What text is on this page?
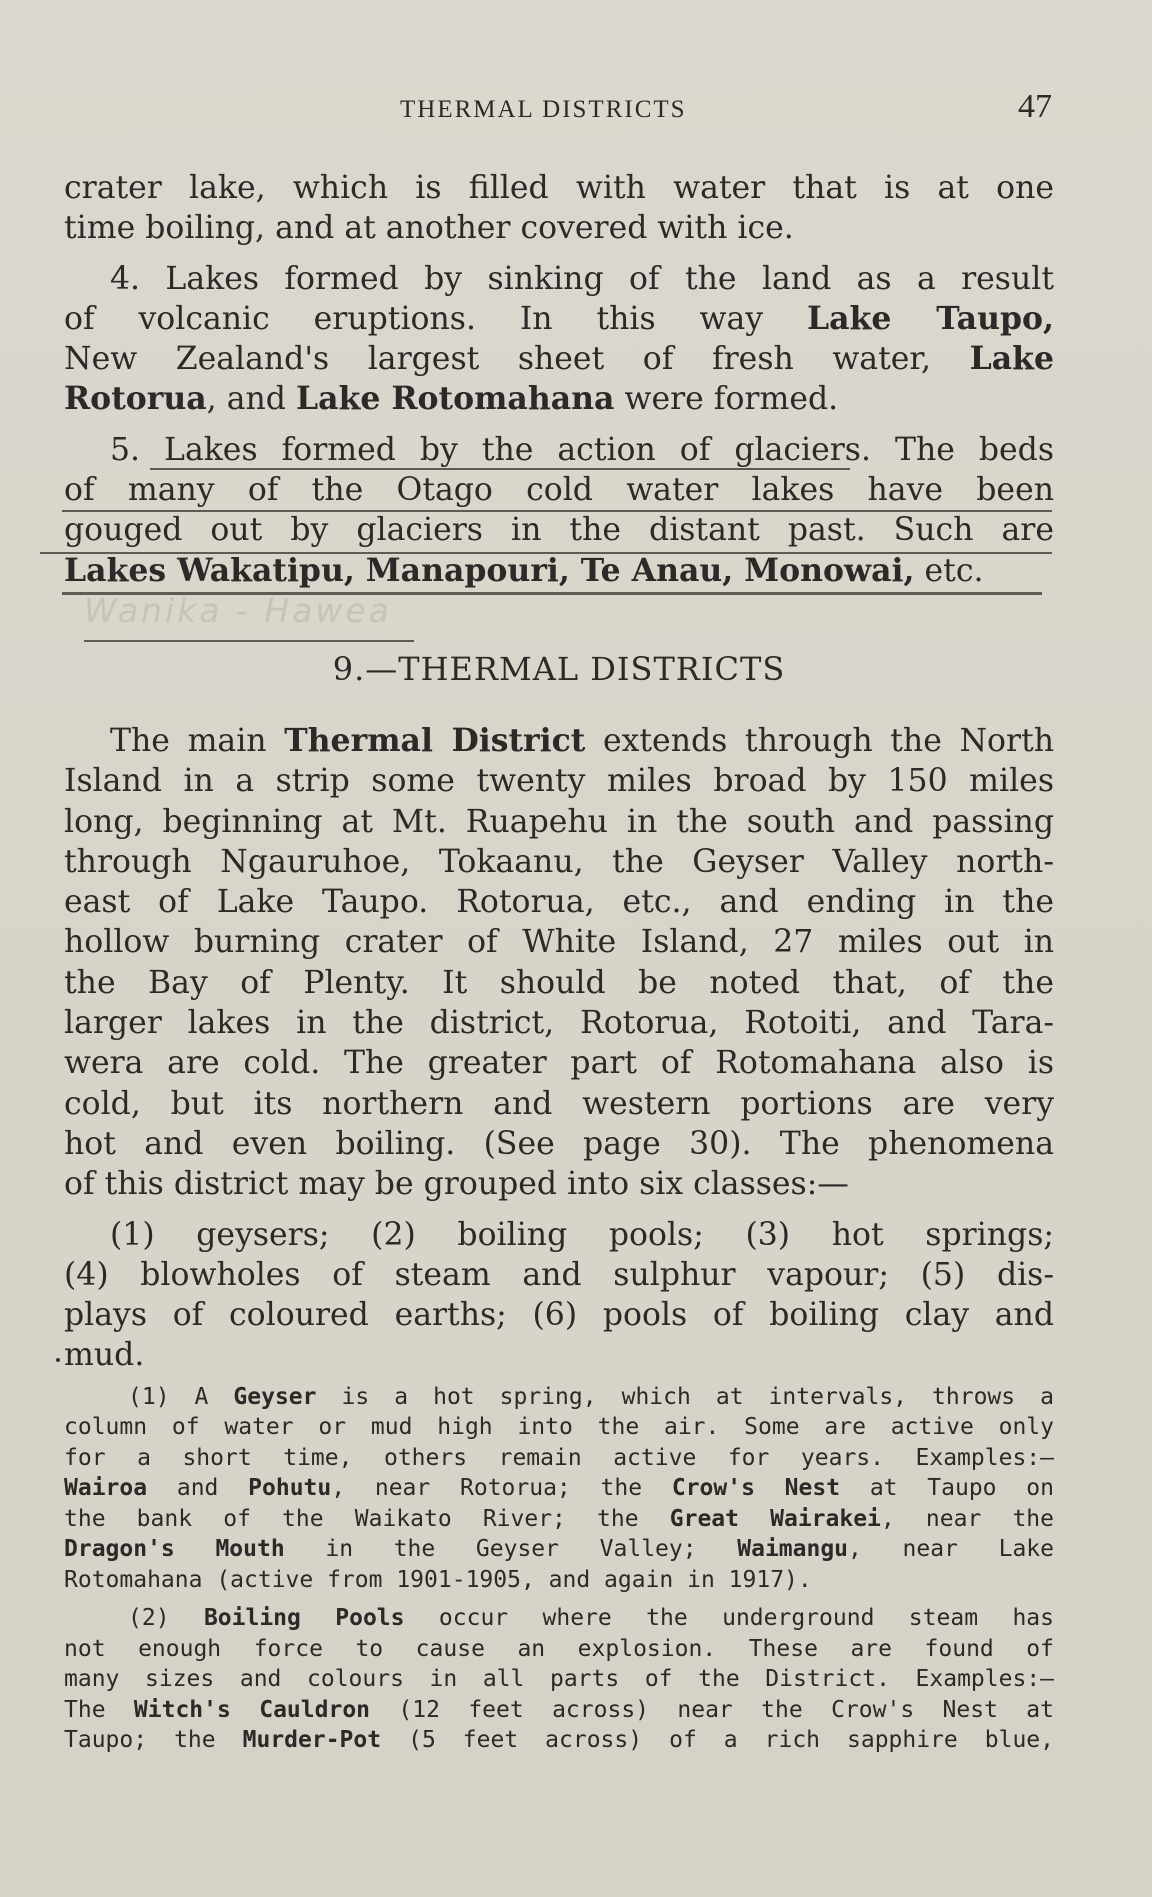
THERMAL DISTRICTS	47
crater lake, which is filled with water that is at one
time boiling, and at another covered with ice.
4. Lakes formed by sinking of the land as a result
of volcanic eruptions. In this way Lake Taupo,
New Zealand's largest sheet of fresh water, Lake
Rotorua, and Lake Rotomahana were formed.
5. Lakes formed by the action of glaciers. The beds
of many of the Otago cold water lakes have been
gouged out by glaciers in the distant past. Such are
Lakes Wakatipu, Manapouri, Te Anau, Monowai, etc.
Wanika - Hawea
9.—THERMAL DISTRICTS
The main Thermal District extends through the North
Island in a strip some twenty miles broad by 150 miles
long, beginning at Mt. Ruapehu in the south and passing
through Ngauruhoe, Tokaanu, the Geyser Valley north-
east of Lake Taupo. Rotorua, etc., and ending in the
hollow burning crater of White Island, 27 miles out in
the Bay of Plenty. It should be noted that, of the
larger lakes in the district, Rotorua, Rotoiti, and Tara-
wera are cold. The greater part of Rotomahana also is
cold, but its northern and western portions are very
hot and even boiling. (See page 30). The phenomena
of this district may be grouped into six classes:—
(1) geysers; (2) boiling pools; (3) hot springs;
(4) blowholes of steam and sulphur vapour; (5) dis-
plays of coloured earths; (6) pools of boiling clay and
mud.
(1) A Geyser is a hot spring, which at intervals, throws a
column of water or mud high into the air. Some are active only
for a short time, others remain active for years. Examples:—
Wairoa and Pohutu, near Rotorua; the Crow's Nest at Taupo on
the bank of the Waikato River; the Great Wairakei, near the
Dragon's Mouth in the Geyser Valley; Waimangu, near Lake
Rotomahana (active from 1901-1905, and again in 1917).
(2) Boiling Pools occur where the underground steam has
not enough force to cause an explosion. These are found of
many sizes and colours in all parts of the District. Examples:—
The Witch's Cauldron (12 feet across) near the Crow's Nest at
Taupo; the Murder-Pot (5 feet across) of a rich sapphire blue,
